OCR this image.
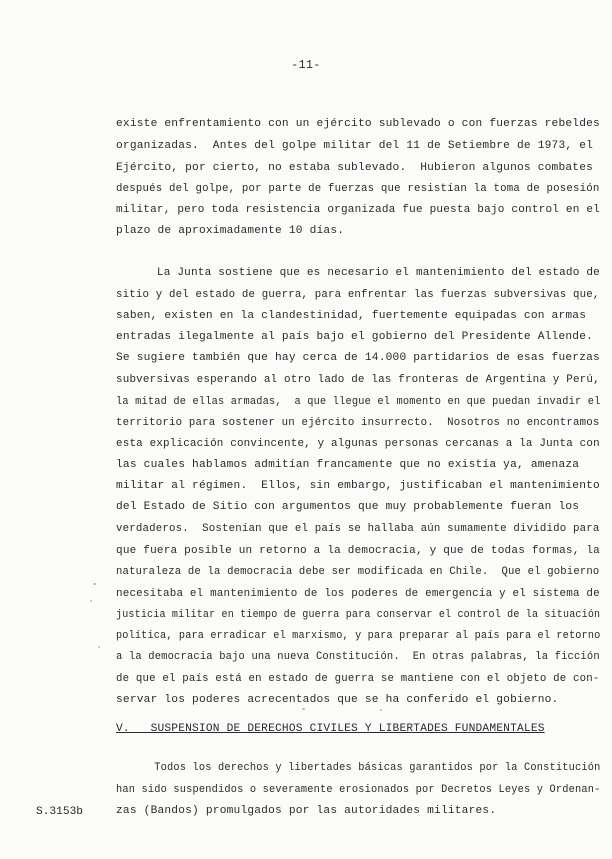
-11-
existe enfrentamiento con un ejército sublevado o con fuerzas rebeldes
organizadas.  Antes del golpe militar del 11 de Setiembre de 1973, el
Ejército, por cierto, no estaba sublevado.  Hubieron algunos combates
después del golpe, por parte de fuerzas que resistían la toma de posesión
militar, pero toda resistencia organizada fue puesta bajo control en el
plazo de aproximadamente 10 días.
La Junta sostiene que es necesario el mantenimiento del estado de
sitio y del estado de guerra, para enfrentar las fuerzas subversivas que,
saben, existen en la clandestinidad, fuertemente equipadas con armas
entradas ilegalmente al país bajo el gobierno del Presidente Allende.
Se sugiere también que hay cerca de 14.000 partidarios de esas fuerzas
subversivas esperando al otro lado de las fronteras de Argentina y Perú,
la mitad de ellas armadas,  a que llegue el momento en que puedan invadir el
territorio para sostener un ejército insurrecto.  Nosotros no encontramos
esta explicación convincente, y algunas personas cercanas a la Junta con
las cuales hablamos admitían francamente que no existía ya, amenaza
militar al régimen.  Ellos, sin embargo, justificaban el mantenimiento
del Estado de Sitio con argumentos que muy probablemente fueran los
verdaderos.  Sostenían que el país se hallaba aún sumamente dividido para
que fuera posible un retorno a la democracia, y que de todas formas, la
naturaleza de la democracia debe ser modificada en Chile.  Que el gobierno
necesitaba el mantenimiento de los poderes de emergencia y el sistema de
justicia militar en tiempo de guerra para conservar el control de la situación
política, para erradicar el marxismo, y para preparar al país para el retorno
a la democracia bajo una nueva Constitución.  En otras palabras, la ficción
de que el país está en estado de guerra se mantiene con el objeto de con-
servar los poderes acrecentados que se ha conferido el gobierno.
V.   SUSPENSION DE DERECHOS CIVILES Y LIBERTADES FUNDAMENTALES
Todos los derechos y libertades básicas garantidos por la Constitución
han sido suspendidos o severamente erosionados por Decretos Leyes y Ordenan-
zas (Bandos) promulgados por las autoridades militares.
S.3153b
